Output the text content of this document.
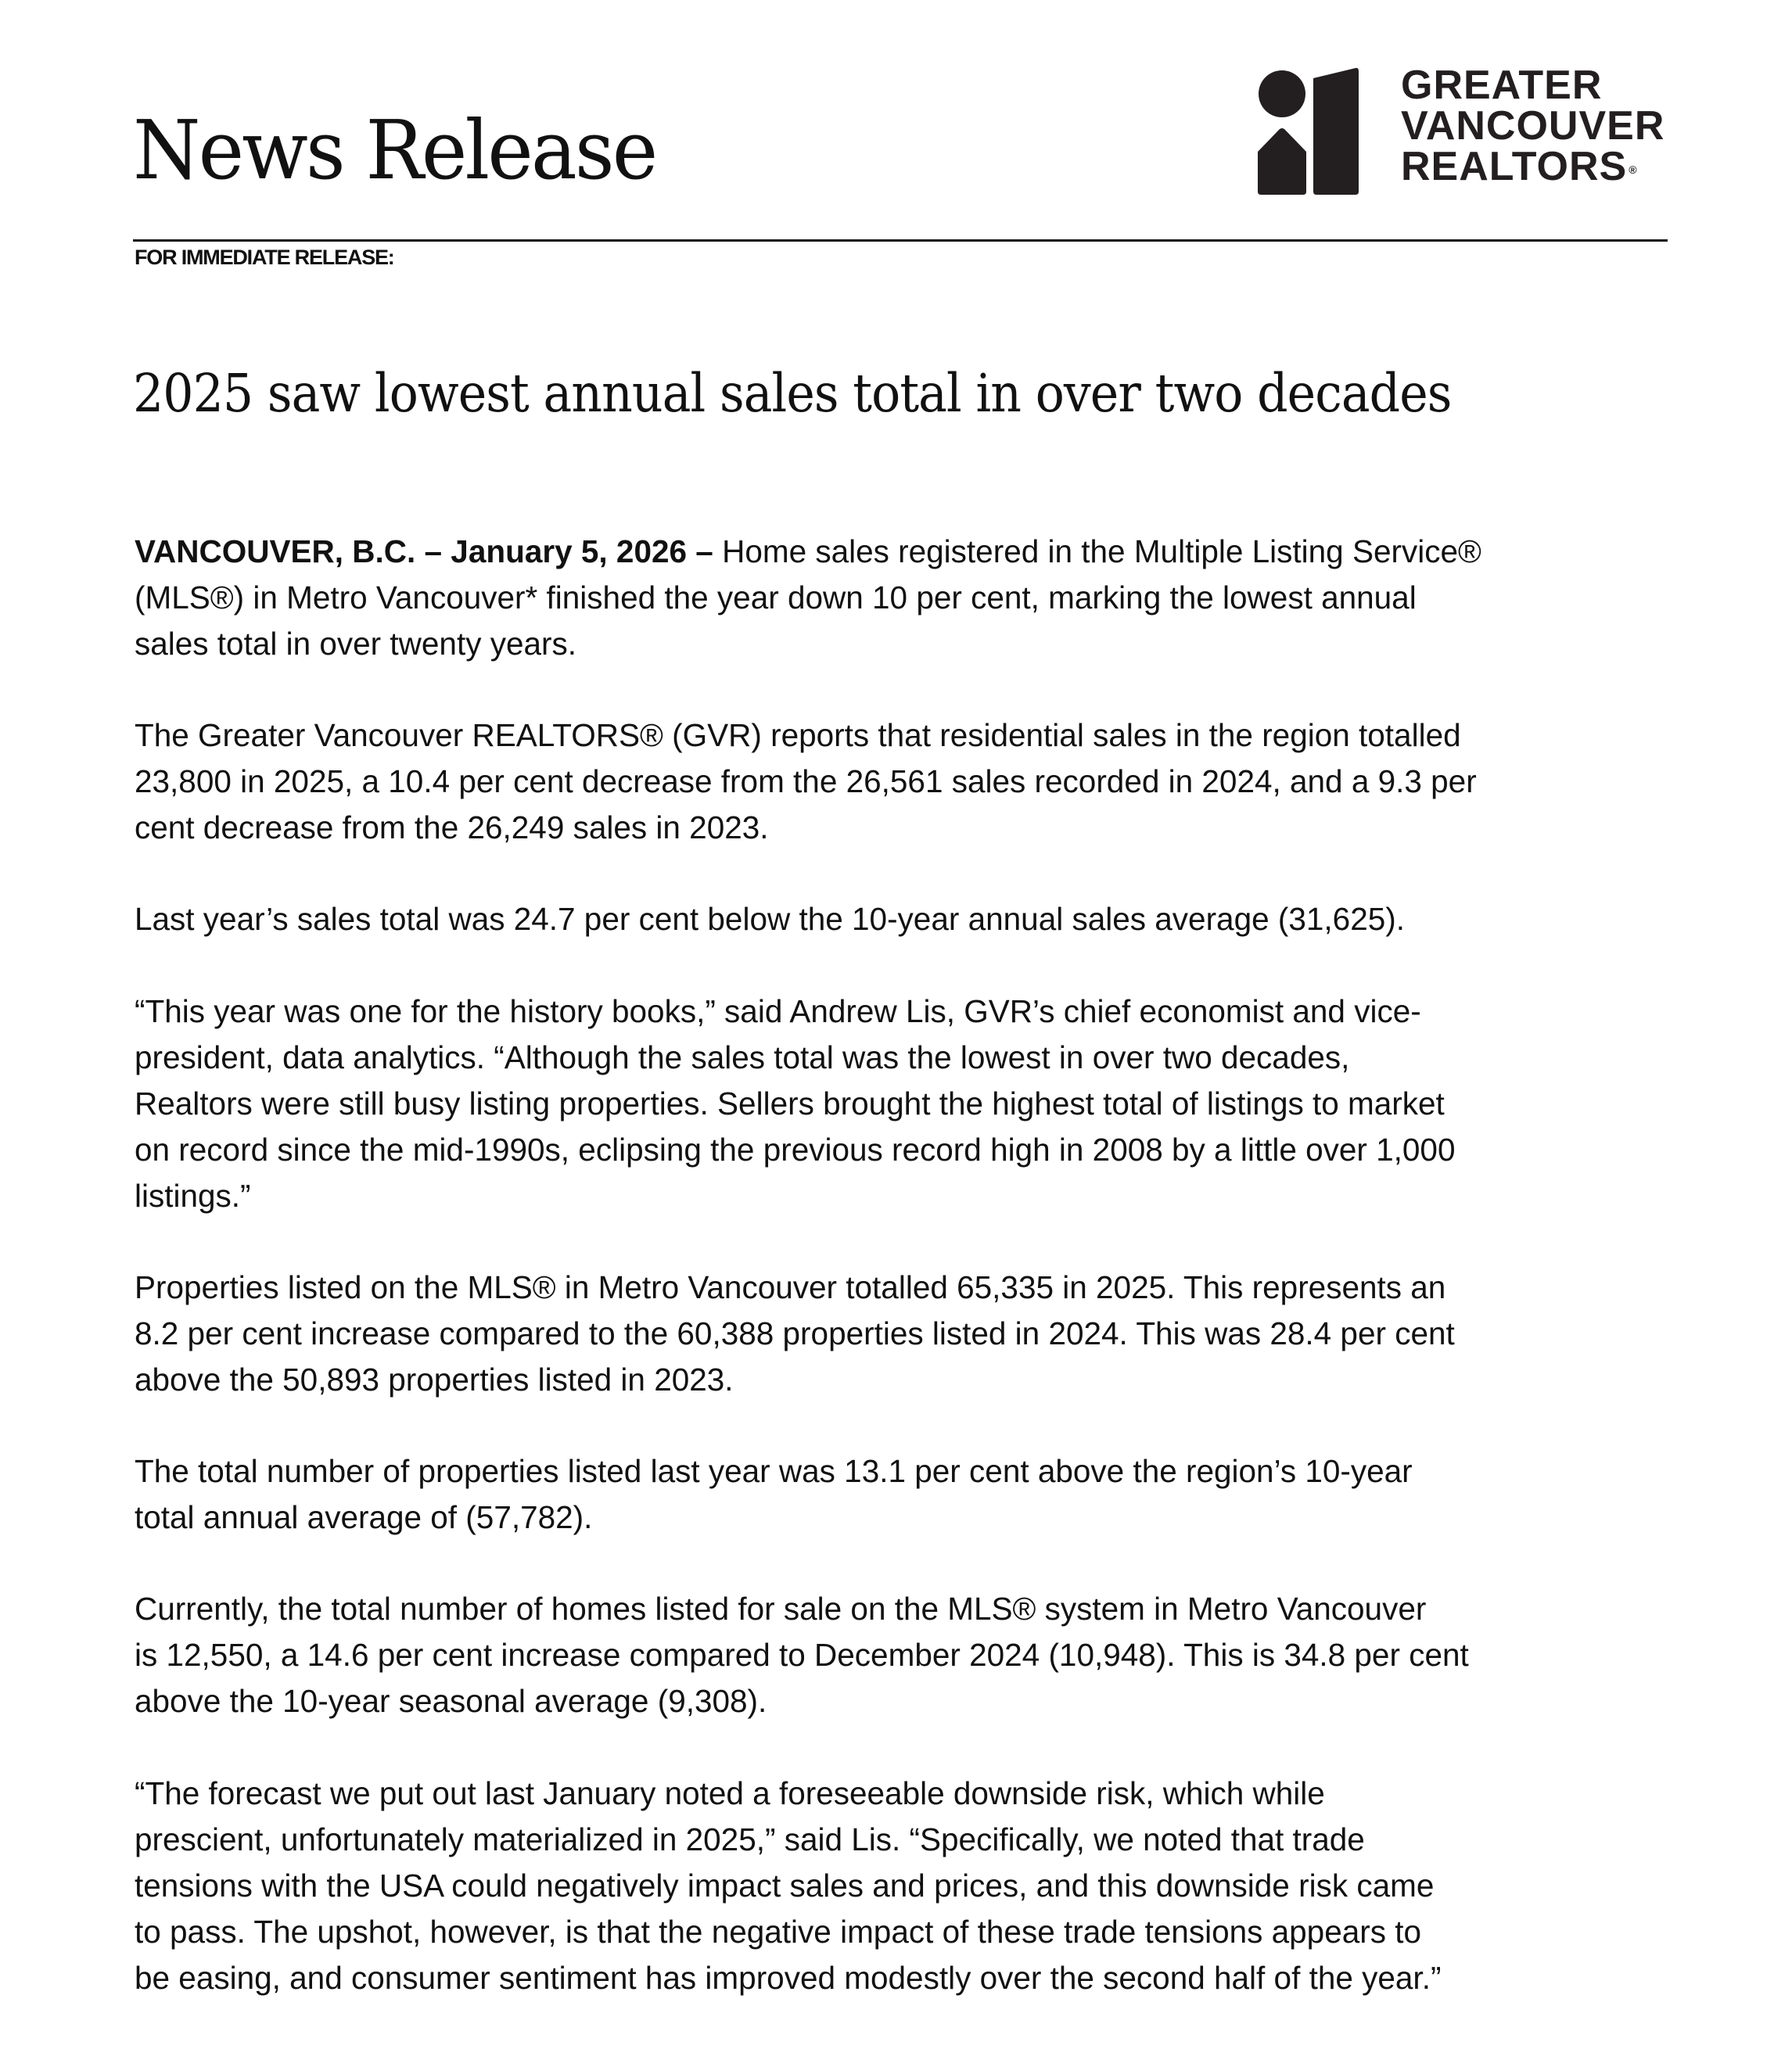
News Release
GREATER
VANCOUVER
REALTORS ®
FOR IMMEDIATE RELEASE:
2025 saw lowest annual sales total in over two decades

VANCOUVER, B.C. – January 5, 2026 – Home sales registered in the Multiple Listing Service®
(MLS®) in Metro Vancouver* finished the year down 10 per cent, marking the lowest annual
sales total in over twenty years.

The Greater Vancouver REALTORS® (GVR) reports that residential sales in the region totalled
23,800 in 2025, a 10.4 per cent decrease from the 26,561 sales recorded in 2024, and a 9.3 per
cent decrease from the 26,249 sales in 2023.

Last year’s sales total was 24.7 per cent below the 10-year annual sales average (31,625).

“This year was one for the history books,” said Andrew Lis, GVR’s chief economist and vice-
president, data analytics. “Although the sales total was the lowest in over two decades,
Realtors were still busy listing properties. Sellers brought the highest total of listings to market
on record since the mid-1990s, eclipsing the previous record high in 2008 by a little over 1,000
listings.”

Properties listed on the MLS® in Metro Vancouver totalled 65,335 in 2025. This represents an
8.2 per cent increase compared to the 60,388 properties listed in 2024. This was 28.4 per cent
above the 50,893 properties listed in 2023.

The total number of properties listed last year was 13.1 per cent above the region’s 10-year
total annual average of (57,782).

Currently, the total number of homes listed for sale on the MLS® system in Metro Vancouver
is 12,550, a 14.6 per cent increase compared to December 2024 (10,948). This is 34.8 per cent
above the 10-year seasonal average (9,308).

“The forecast we put out last January noted a foreseeable downside risk, which while
prescient, unfortunately materialized in 2025,” said Lis. “Specifically, we noted that trade
tensions with the USA could negatively impact sales and prices, and this downside risk came
to pass. The upshot, however, is that the negative impact of these trade tensions appears to
be easing, and consumer sentiment has improved modestly over the second half of the year.”
